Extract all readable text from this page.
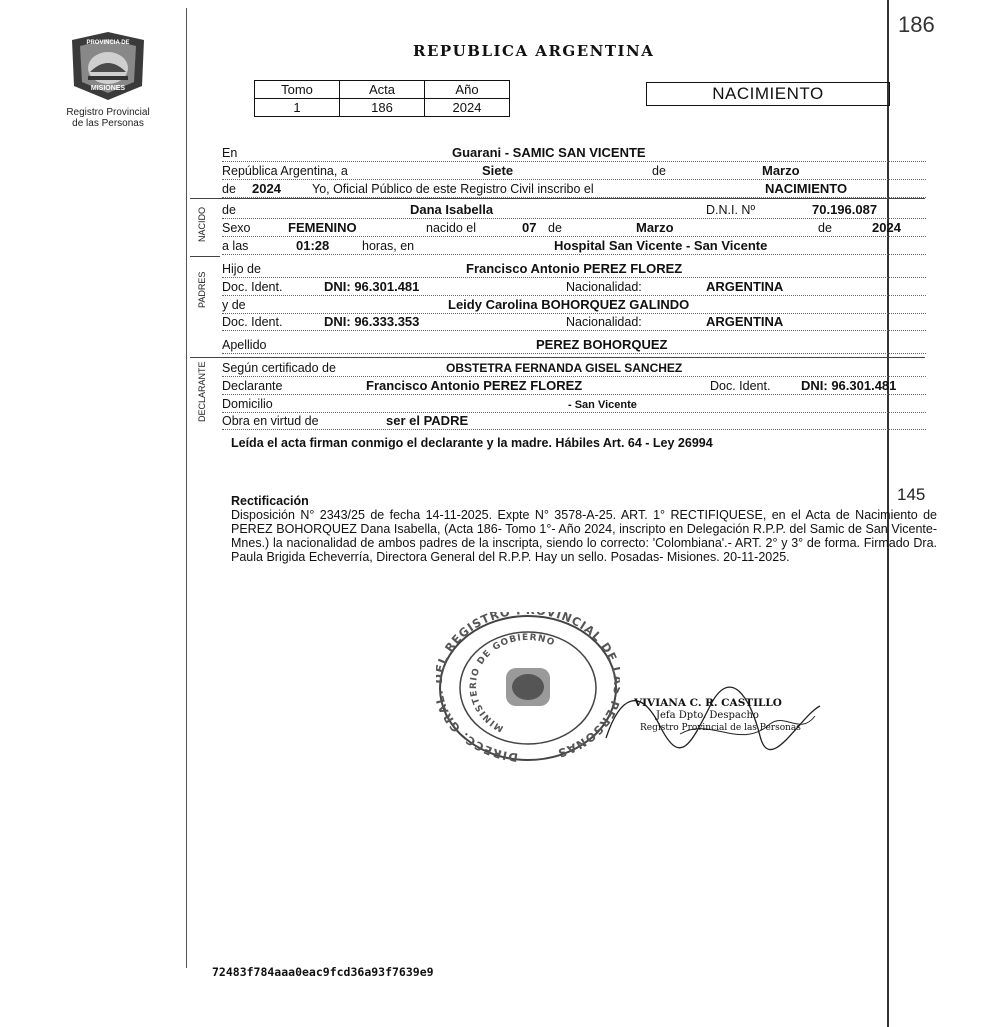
186
PROVINCIA DE
MISIONES
Registro Provincial
de las Personas
REPUBLICA ARGENTINA
Tomo	Acta	Año
1	186	2024
NACIMIENTO
NACIDO
PADRES
DECLARANTE
En	Guarani - SAMIC SAN VICENTE
República Argentina, a	Siete	de	Marzo
de 2024 Yo, Oficial Público de este Registro Civil inscribo el	NACIMIENTO
de	Dana Isabella	D.N.I. Nº	70.196.087
Sexo	FEMENINO	nacido el	07 de	Marzo	de	2024
a las	01:28	horas, en	Hospital San Vicente - San Vicente
Hijo de	Francisco Antonio PEREZ FLOREZ
Doc. Ident.	DNI: 96.301.481	Nacionalidad:	ARGENTINA
y de	Leidy Carolina BOHORQUEZ GALINDO
Doc. Ident.	DNI: 96.333.353	Nacionalidad:	ARGENTINA
Apellido	PEREZ BOHORQUEZ
Según certificado de	OBSTETRA FERNANDA GISEL SANCHEZ
Declarante	Francisco Antonio PEREZ FLOREZ	Doc. Ident. DNI: 96.301.481
Domicilio	- San Vicente
Obra en virtud de	ser el PADRE
Leída el acta firman conmigo el declarante y la madre. Hábiles Art. 64 - Ley 26994
Rectificación	145
Disposición N° 2343/25 de fecha 14-11-2025. Expte N° 3578-A-25. ART. 1° RECTIFIQUESE, en el Acta de Nacimiento de PEREZ BOHORQUEZ Dana Isabella, (Acta 186- Tomo 1°- Año 2024, inscripto en Delegación R.P.P. del Samic de San Vicente- Mnes.) la nacionalidad de ambos padres de la inscripta, siendo lo correcto: 'Colombiana'.- ART. 2° y 3° de forma. Firmado Dra. Paula Brigida Echeverría, Directora General del R.P.P. Hay un sello. Posadas- Misiones. 20-11-2025.
DIRECC. GRA L REGISTRO VINCIAL DE ERSONAS
MINISTERIO DE GOBIERNO
VIVIANA C. R. CASTILLO
Jefa Dpto. Despacho
Registro Provincial de las Personas
72483f784aaa0eac9fcd36a93f7639e9
